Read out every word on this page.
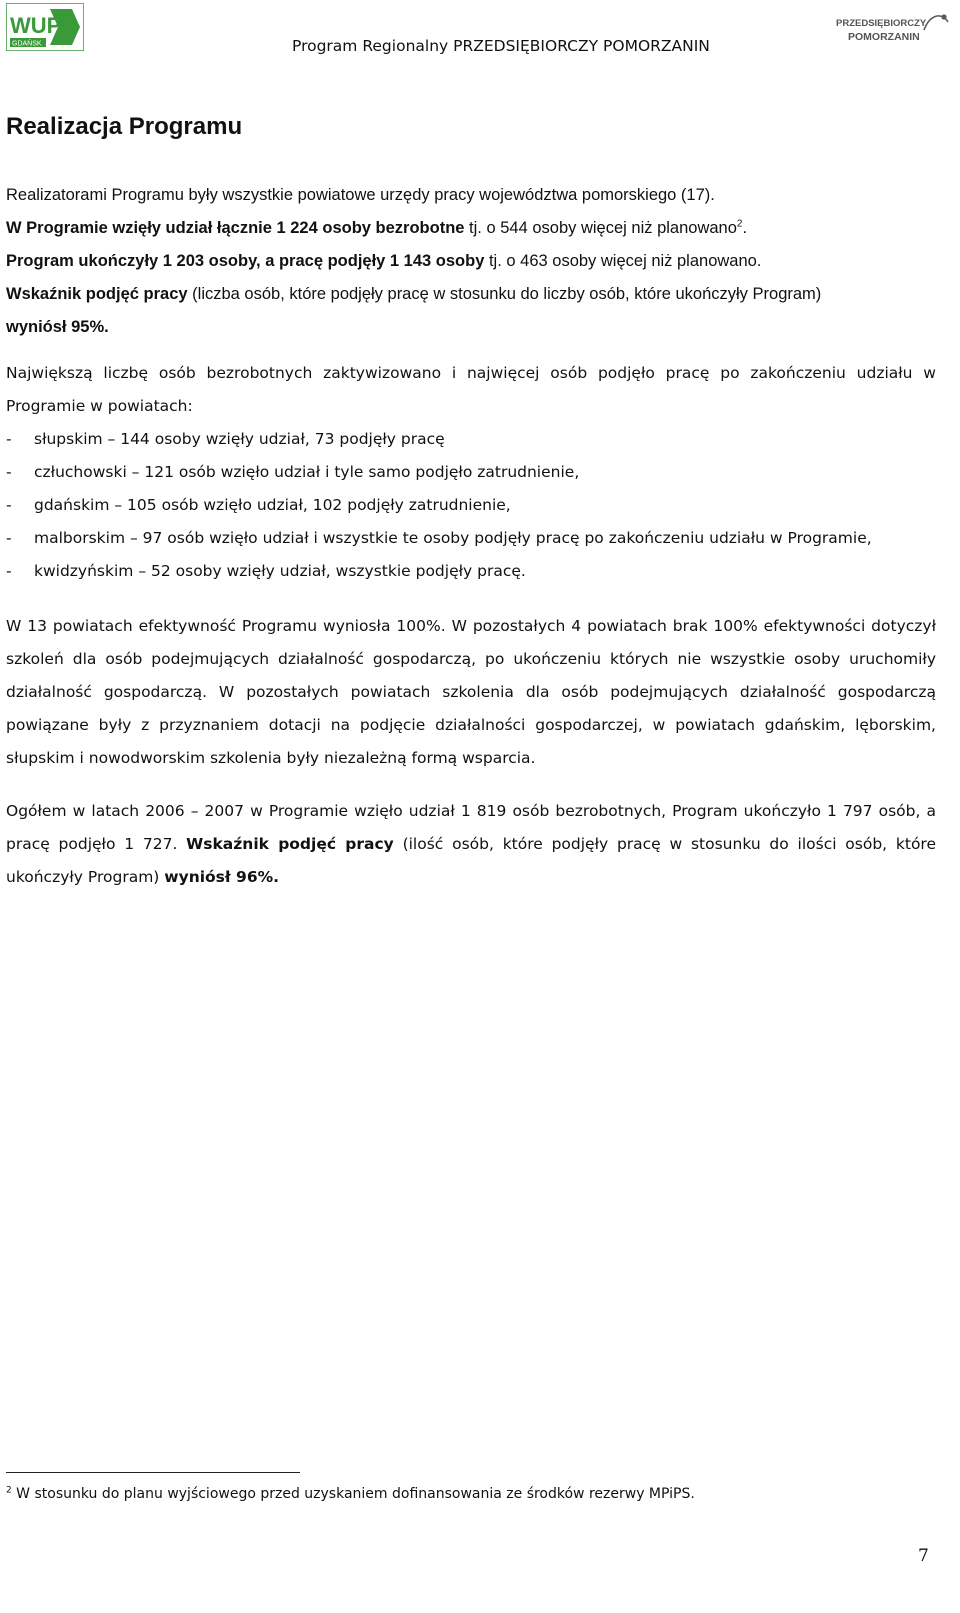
WUP
GDAŃSK	Program Regionalny PRZEDSIĘBIORCZY POMORZANIN
PRZEDSIĘBIORCZY
POMORZANIN
Realizacja Programu
Realizatorami Programu były wszystkie powiatowe urzędy pracy województwa pomorskiego (17).
W Programie wzięły udział łącznie 1 224 osoby bezrobotne tj. o 544 osoby więcej niż planowano$^2$.
Program ukończyły 1 203 osoby, a pracę podjęły 1 143 osoby tj. o 463 osoby więcej niż planowano.
Wskaźnik podjęć pracy (liczba osób, które podjęły pracę w stosunku do liczby osób, które ukończyły Program)
wyniósł 95%.
Największą liczbę osób bezrobotnych zaktywizowano i najwięcej osób podjęło pracę po zakończeniu udziału w Programie w powiatach:
- słupskim – 144 osoby wzięły udział, 73 podjęły pracę
- człuchowski – 121 osób wzięło udział i tyle samo podjęło zatrudnienie,
- gdańskim – 105 osób wzięło udział, 102 podjęły zatrudnienie,
- malborskim – 97 osób wzięło udział i wszystkie te osoby podjęły pracę po zakończeniu udziału w Programie,
- kwidzyńskim – 52 osoby wzięły udział, wszystkie podjęły pracę.
W 13 powiatach efektywność Programu wyniosła 100%. W pozostałych 4 powiatach brak 100% efektywności dotyczył szkoleń dla osób podejmujących działalność gospodarczą, po ukończeniu których nie wszystkie osoby uruchomiły działalność gospodarczą. W pozostałych powiatach szkolenia dla osób podejmujących działalność gospodarczą powiązane były z przyznaniem dotacji na podjęcie działalności gospodarczej, w powiatach gdańskim, lęborskim, słupskim i nowodworskim szkolenia były niezależną formą wsparcia.
Ogółem w latach 2006 – 2007 w Programie wzięło udział 1 819 osób bezrobotnych, Program ukończyło 1 797 osób, a pracę podjęło 1 727. Wskaźnik podjęć pracy (ilość osób, które podjęły pracę w stosunku do ilości osób, które ukończyły Program) wyniósł 96%.
$^2$ W stosunku do planu wyjściowego przed uzyskaniem dofinansowania ze środków rezerwy MPiPS.
7
